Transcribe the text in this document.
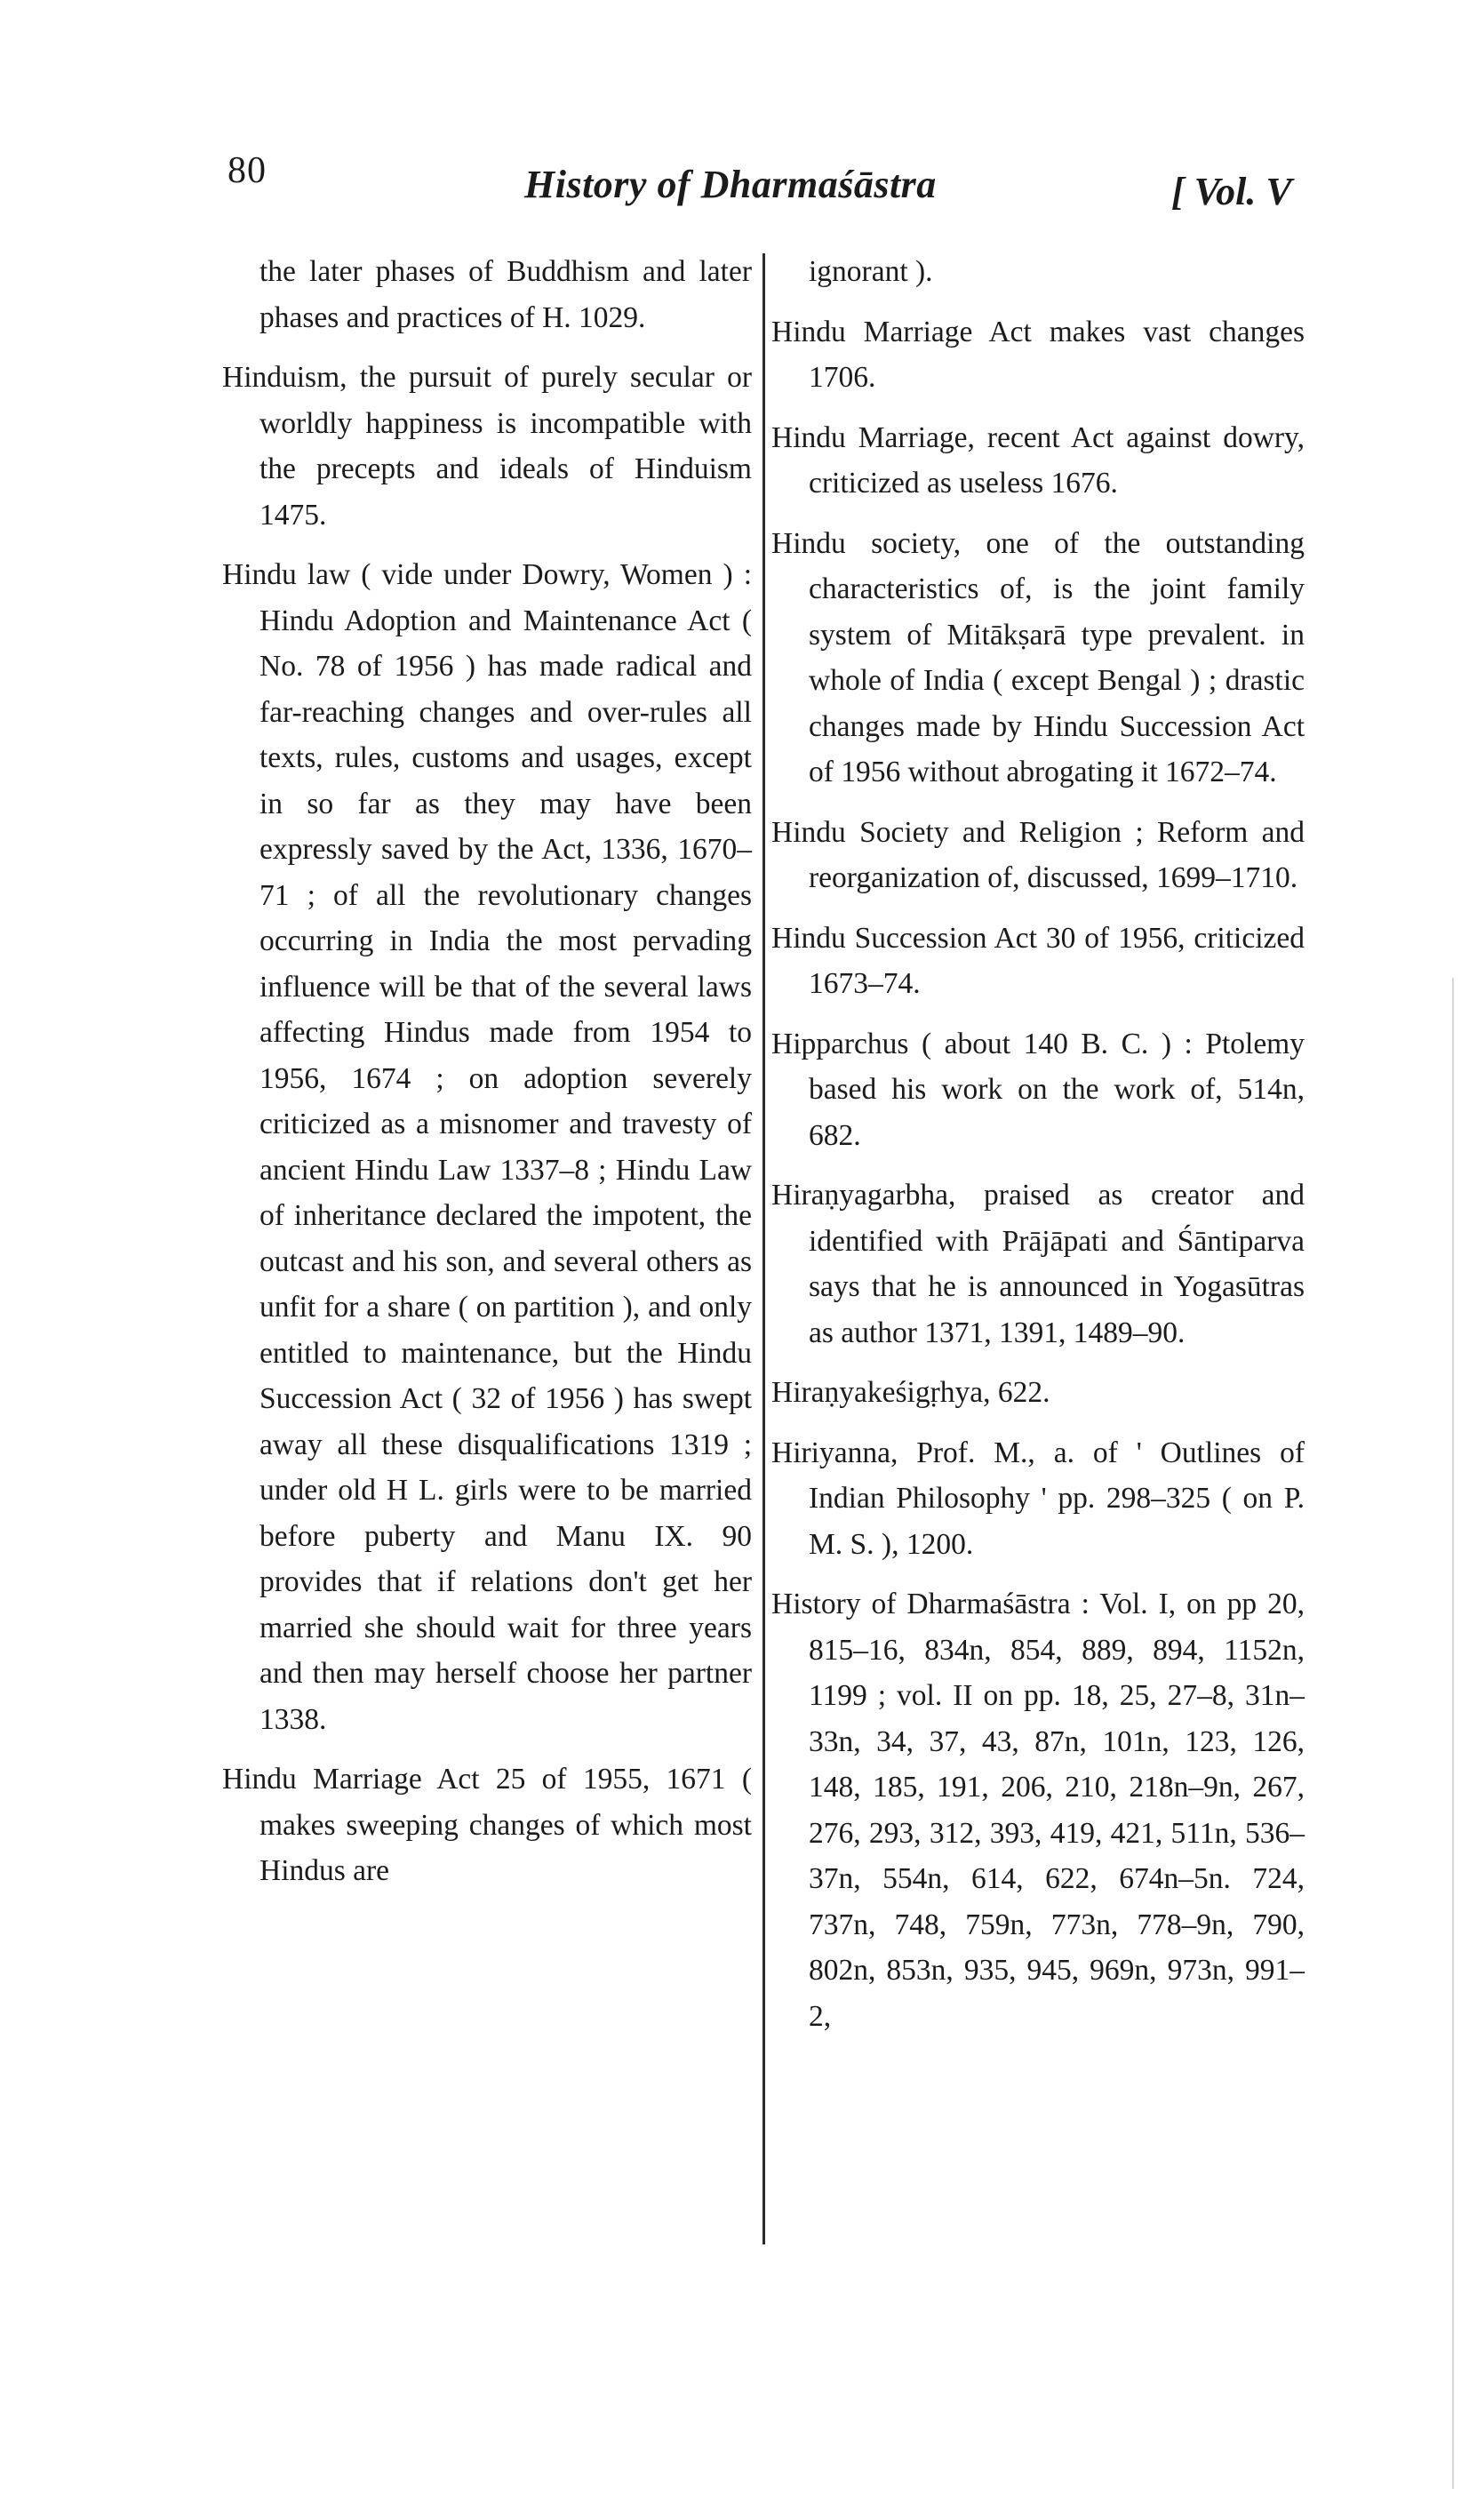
80	History of Dharmaśāstra	[ Vol. V

the later phases of Buddhism and later phases and practices of H. 1029.

Hinduism, the pursuit of purely secular or worldly happiness is incompatible with the precepts and ideals of Hinduism 1475.

Hindu law ( vide under Dowry, Women ) : Hindu Adoption and Maintenance Act ( No. 78 of 1956 ) has made radical and far-reaching changes and over-rules all texts, rules, customs and usages, except in so far as they may have been expressly saved by the Act, 1336, 1670–71 ; of all the revolutionary changes occurring in India the most pervading influence will be that of the several laws affecting Hindus made from 1954 to 1956, 1674 ; on adoption severely criticized as a misnomer and travesty of ancient Hindu Law 1337–8 ; Hindu Law of inheritance declared the impotent, the outcast and his son, and several others as unfit for a share ( on partition ), and only entitled to maintenance, but the Hindu Succession Act ( 32 of 1956 ) has swept away all these disqualifications 1319 ; under old H L. girls were to be married before puberty and Manu IX. 90 provides that if relations don't get her married she should wait for three years and then may herself choose her partner 1338.

Hindu Marriage Act 25 of 1955, 1671 ( makes sweeping changes of which most Hindus are

ignorant ).

Hindu Marriage Act makes vast changes 1706.

Hindu Marriage, recent Act against dowry, criticized as useless 1676.

Hindu society, one of the outstanding characteristics of, is the joint family system of Mitākṣarā type prevalent. in whole of India ( except Bengal ) ; drastic changes made by Hindu Succession Act of 1956 without abrogating it 1672–74.

Hindu Society and Religion ; Reform and reorganization of, discussed, 1699–1710.

Hindu Succession Act 30 of 1956, criticized 1673–74.

Hipparchus ( about 140 B. C. ) : Ptolemy based his work on the work of, 514n, 682.

Hiraṇyagarbha, praised as creator and identified with Prājāpati and Śāntiparva says that he is announced in Yogasūtras as author 1371, 1391, 1489–90.

Hiraṇyakeśigṛhya, 622.

Hiriyanna, Prof. M., a. of ' Outlines of Indian Philosophy ' pp. 298–325 ( on P. M. S. ), 1200.

History of Dharmaśāstra : Vol. I, on pp 20, 815–16, 834n, 854, 889, 894, 1152n, 1199 ; vol. II on pp. 18, 25, 27–8, 31n–33n, 34, 37, 43, 87n, 101n, 123, 126, 148, 185, 191, 206, 210, 218n–9n, 267, 276, 293, 312, 393, 419, 421, 511n, 536–37n, 554n, 614, 622, 674n–5n. 724, 737n, 748, 759n, 773n, 778–9n, 790, 802n, 853n, 935, 945, 969n, 973n, 991–2,
